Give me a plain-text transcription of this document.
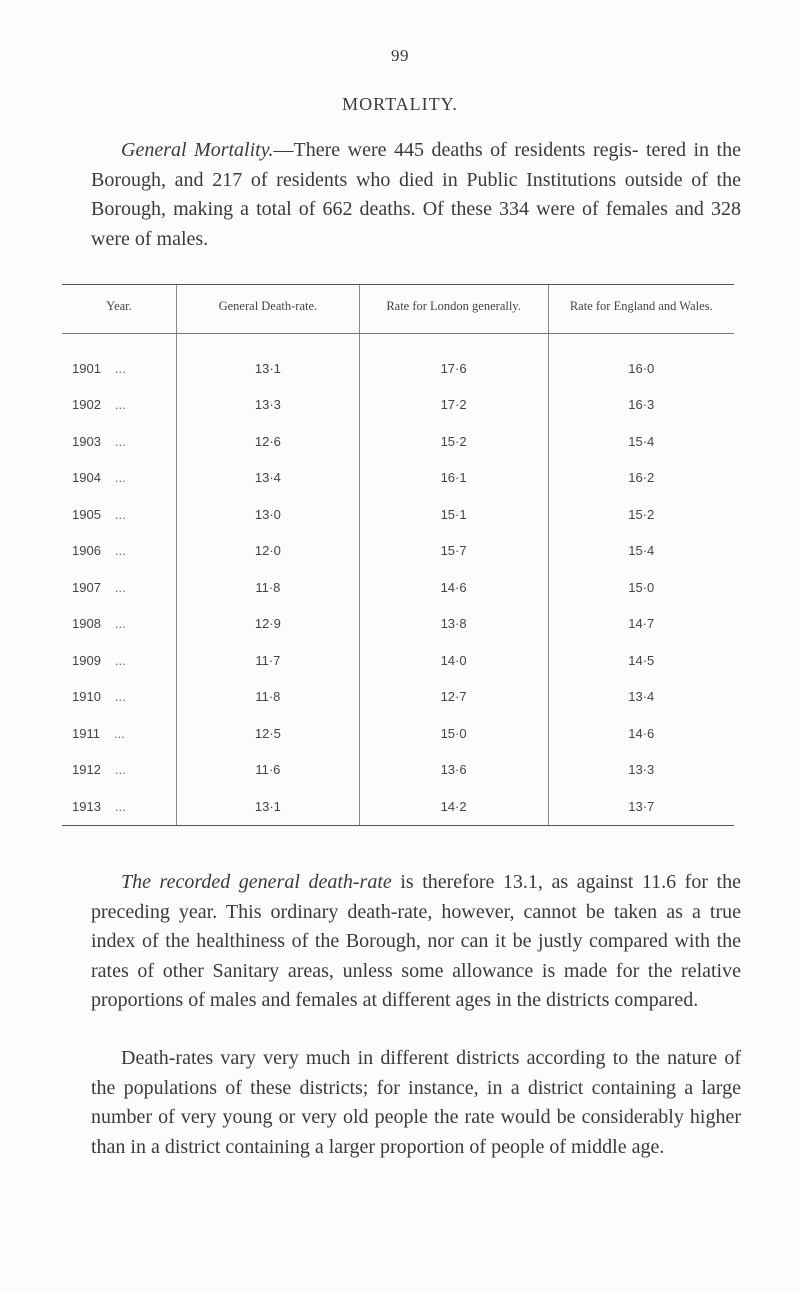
99
MORTALITY.

General Mortality.—There were 445 deaths of residents regis- tered in the Borough, and 217 of residents who died in Public Institutions outside of the Borough, making a total of 662 deaths. Of these 334 were of females and 328 were of males.

Year.	General Death-rate.	Rate for London generally.	Rate for England and Wales.
1901 ...	13·1	17·6	16·0
1902 ...	13·3	17·2	16·3
1903 ...	12·6	15·2	15·4
1904 ...	13·4	16·1	16·2
1905 ...	13·0	15·1	15·2
1906 ...	12·0	15·7	15·4
1907 ...	11·8	14·6	15·0
1908 ...	12·9	13·8	14·7
1909 ...	11·7	14·0	14·5
1910 ...	11·8	12·7	13·4
1911 ...	12·5	15·0	14·6
1912 ...	11·6	13·6	13·3
1913 ...	13·1	14·2	13·7

The recorded general death-rate is therefore 13.1, as against 11.6 for the preceding year. This ordinary death-rate, however, cannot be taken as a true index of the healthiness of the Borough, nor can it be justly compared with the rates of other Sanitary areas, unless some allowance is made for the relative proportions of males and females at different ages in the districts compared.

Death-rates vary very much in different districts according to the nature of the populations of these districts; for instance, in a district containing a large number of very young or very old people the rate would be considerably higher than in a district containing a larger proportion of people of middle age.
